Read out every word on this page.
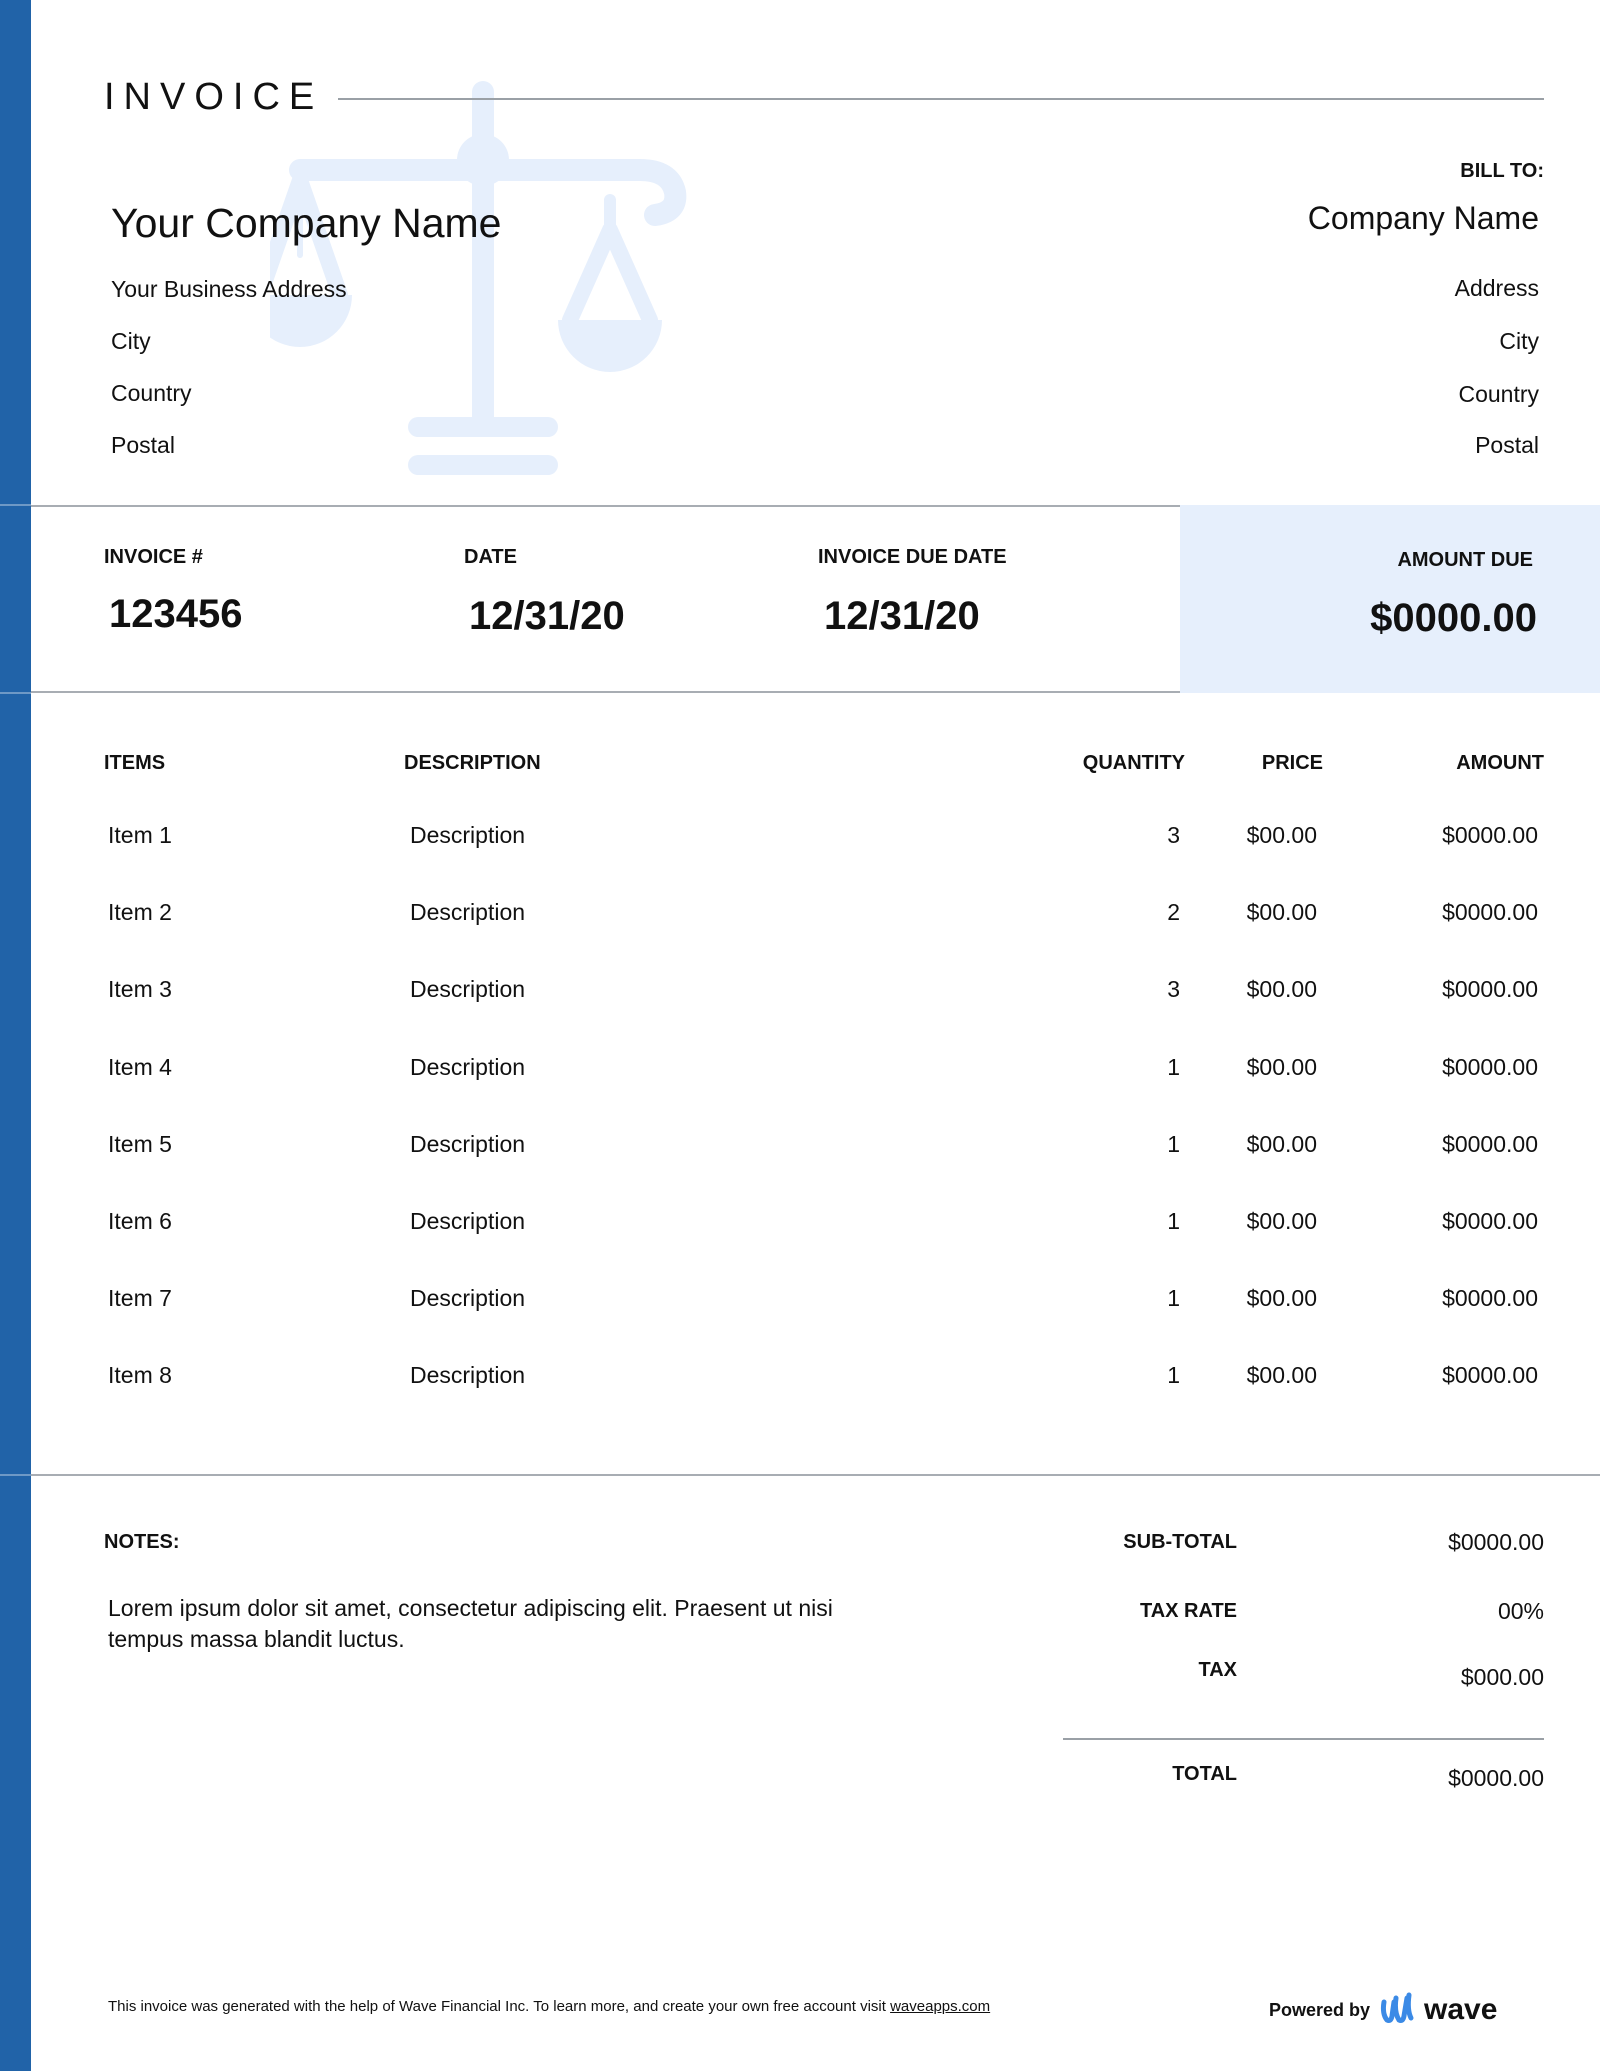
INVOICE
Your Company Name
Your Business Address
City
Country
Postal
BILL TO:
Company Name
Address
City
Country
Postal
INVOICE #
123456
DATE
12/31/20
INVOICE DUE DATE
12/31/20
AMOUNT DUE
$0000.00
ITEMS	DESCRIPTION	QUANTITY	PRICE	AMOUNT
Item 1	Description	3	$00.00	$0000.00
Item 2	Description	2	$00.00	$0000.00
Item 3	Description	3	$00.00	$0000.00
Item 4	Description	1	$00.00	$0000.00
Item 5	Description	1	$00.00	$0000.00
Item 6	Description	1	$00.00	$0000.00
Item 7	Description	1	$00.00	$0000.00
Item 8	Description	1	$00.00	$0000.00
NOTES:
Lorem ipsum dolor sit amet, consectetur adipiscing elit. Praesent ut nisi tempus massa blandit luctus.
SUB-TOTAL	$0000.00
TAX RATE	00%
TAX	$000.00
TOTAL	$0000.00
This invoice was generated with the help of Wave Financial Inc. To learn more, and create your own free account visit waveapps.com	Powered by wave
